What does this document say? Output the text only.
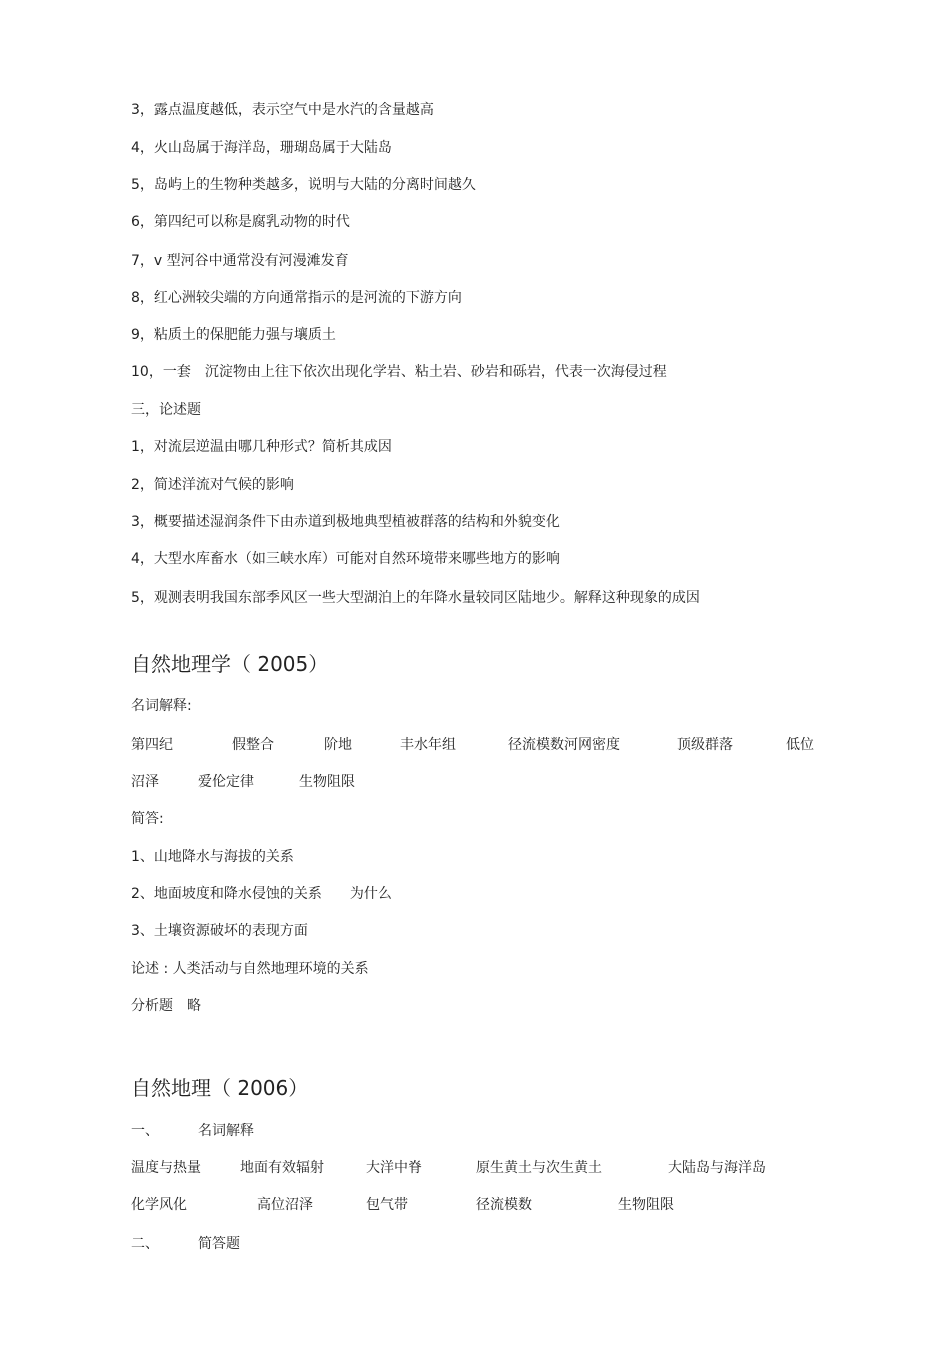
3，露点温度越低，表示空气中是水汽的含量越高
4，火山岛属于海洋岛，珊瑚岛属于大陆岛
5，岛屿上的生物种类越多，说明与大陆的分离时间越久
6，第四纪可以称是腐乳动物的时代
7，v 型河谷中通常没有河漫滩发育
8，红心洲较尖端的方向通常指示的是河流的下游方向
9，粘质土的保肥能力强与壤质土
10，一套　沉淀物由上往下依次出现化学岩、粘土岩、砂岩和砾岩，代表一次海侵过程
三，论述题
1，对流层逆温由哪几种形式？简析其成因
2，简述洋流对气候的影响
3，概要描述湿润条件下由赤道到极地典型植被群落的结构和外貌变化
4，大型水库畜水（如三峡水库）可能对自然环境带来哪些地方的影响
5，观测表明我国东部季风区一些大型湖泊上的年降水量较同区陆地少。解释这种现象的成因
自然地理学（ 2005）
名词解释:
第四纪	假整合	阶地	丰水年组	径流模数河网密度	顶级群落	低位
沼泽	爱伦定律	生物阻限
简答:
1、山地降水与海拔的关系
2、地面坡度和降水侵蚀的关系　　为什么
3、土壤资源破坏的表现方面
论述 : 人类活动与自然地理环境的关系
分析题　略
自然地理（ 2006）
一、	名词解释
温度与热量	地面有效辐射	大洋中脊	原生黄土与次生黄土	大陆岛与海洋岛
化学风化	高位沼泽	包气带	径流模数	生物阻限
二、	简答题
